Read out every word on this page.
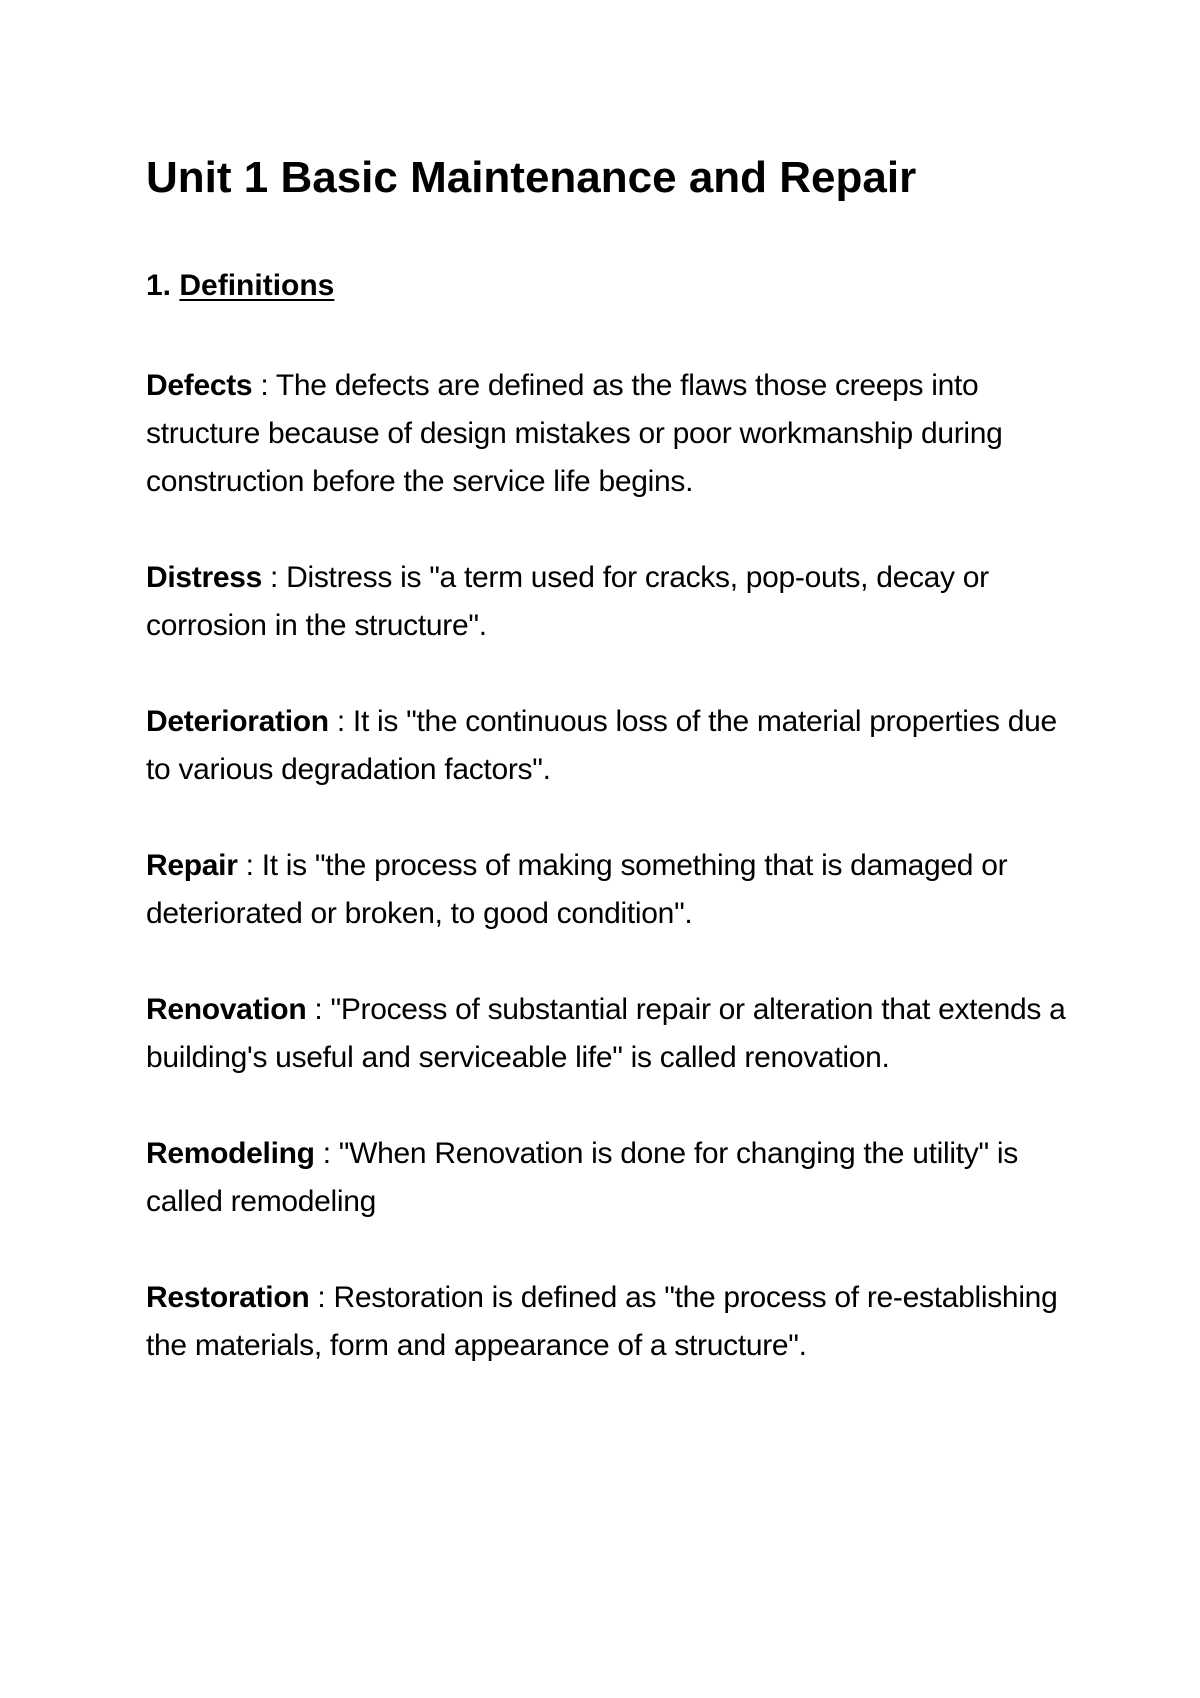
Unit 1 Basic Maintenance and Repair
1. Definitions

Defects : The defects are defined as the flaws those creeps into structure because of design mistakes or poor workmanship during construction before the service life begins.

Distress : Distress is "a term used for cracks, pop-outs, decay or corrosion in the structure".

Deterioration : It is "the continuous loss of the material properties due to various degradation factors".

Repair : It is "the process of making something that is damaged or deteriorated or broken, to good condition".

Renovation : "Process of substantial repair or alteration that extends a building's useful and serviceable life" is called renovation.

Remodeling : "When Renovation is done for changing the utility" is called remodeling

Restoration : Restoration is defined as "the process of re-establishing the materials, form and appearance of a structure".
